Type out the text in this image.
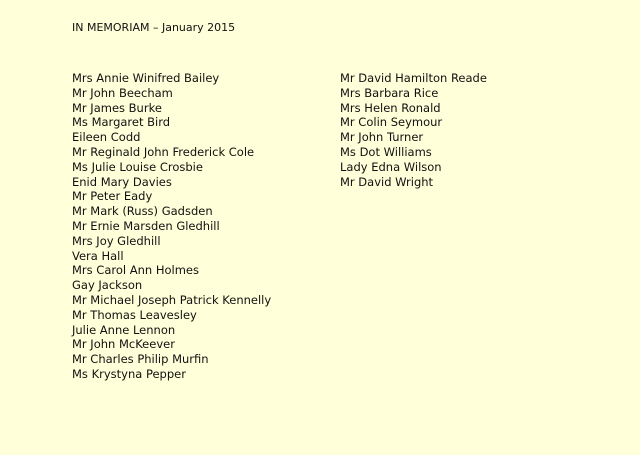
IN MEMORIAM – January 2015
Mrs Annie Winifred Bailey
Mr John Beecham
Mr James Burke
Ms Margaret Bird
Eileen Codd
Mr Reginald John Frederick Cole
Ms Julie Louise Crosbie
Enid Mary Davies
Mr Peter Eady
Mr Mark (Russ) Gadsden
Mr Ernie Marsden Gledhill
Mrs Joy Gledhill
Vera Hall
Mrs Carol Ann Holmes
Gay Jackson
Mr Michael Joseph Patrick Kennelly
Mr Thomas Leavesley
Julie Anne Lennon
Mr John McKeever
Mr Charles Philip Murfin
Ms Krystyna Pepper
Mr David Hamilton Reade
Mrs Barbara Rice
Mrs Helen Ronald
Mr Colin Seymour
Mr John Turner
Ms Dot Williams
Lady Edna Wilson
Mr David Wright
